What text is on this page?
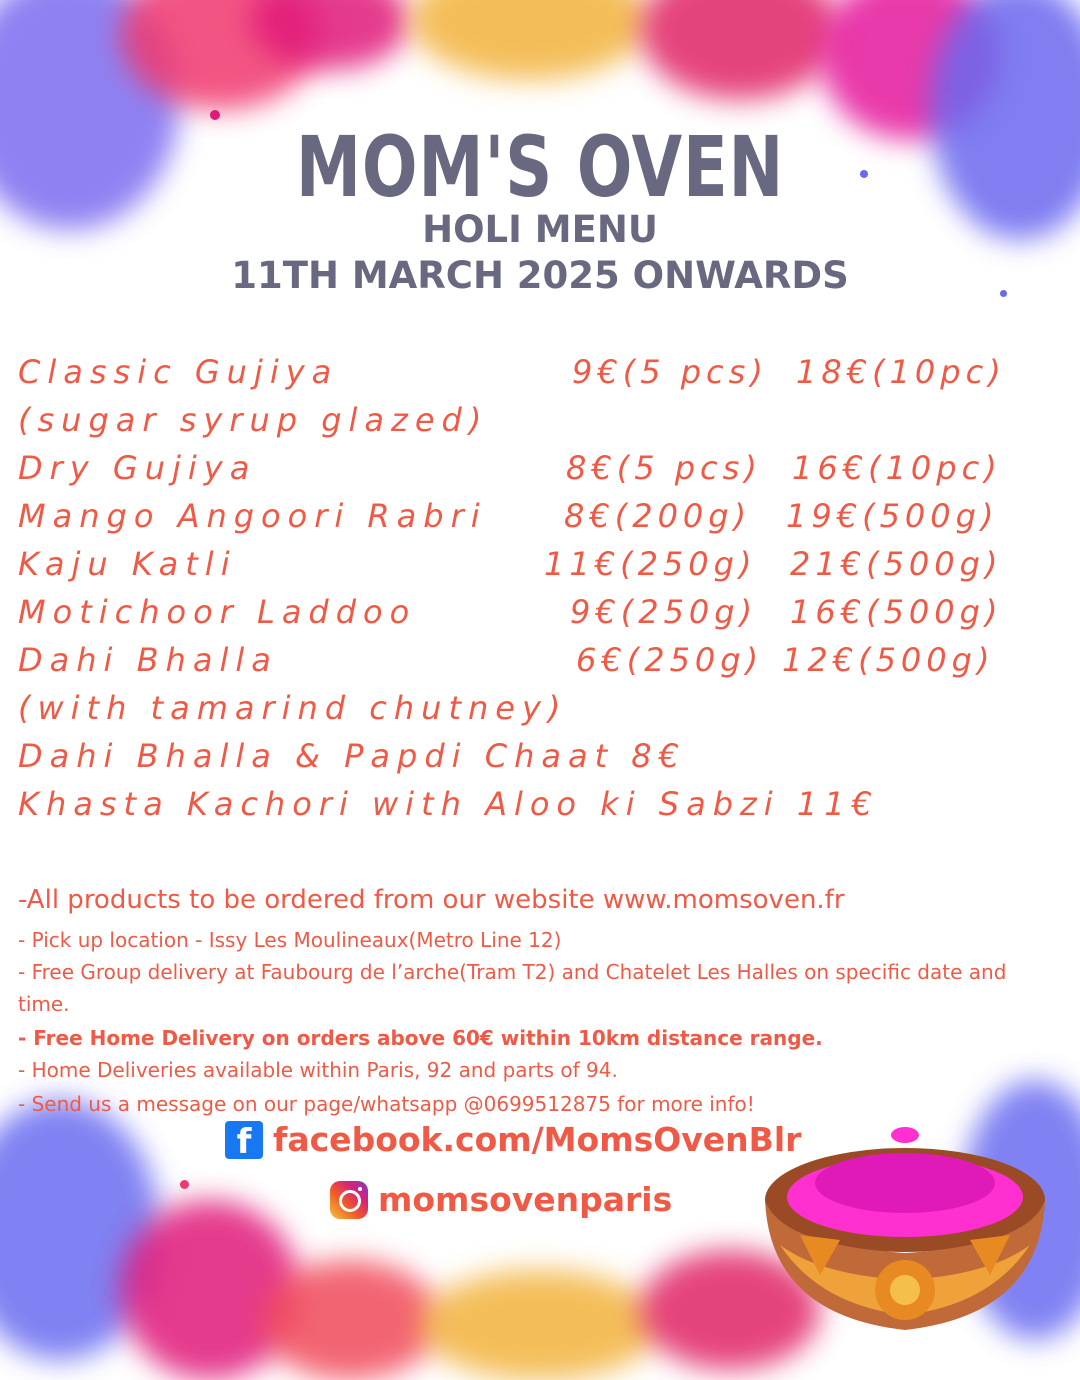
MOM'S OVEN
HOLI MENU
11TH MARCH 2025 ONWARDS
Classic Gujiya	9€(5 pcs) 18€(10pc)
(sugar syrup glazed)
Dry Gujiya	8€(5 pcs) 16€(10pc)
Mango Angoori Rabri 8€(200g) 19€(500g)
Kaju Katli	11€(250g) 21€(500g)
Motichoor Laddoo	9€(250g) 16€(500g)
Dahi Bhalla	6€(250g) 12€(500g)
(with tamarind chutney)
Dahi Bhalla & Papdi Chaat 8€
Khasta Kachori with Aloo ki Sabzi 11€
-All products to be ordered from our website www.momsoven.fr
- Pick up location - Issy Les Moulineaux(Metro Line 12)
- Free Group delivery at Faubourg de l’arche(Tram T2) and Chatelet Les Halles on specific date and time.
- Free Home Delivery on orders above 60€ within 10km distance range.
- Home Deliveries available within Paris, 92 and parts of 94.
- Send us a message on our page/whatsapp @0699512875 for more info!
f facebook.com/MomsOvenBlr
momsovenparis
